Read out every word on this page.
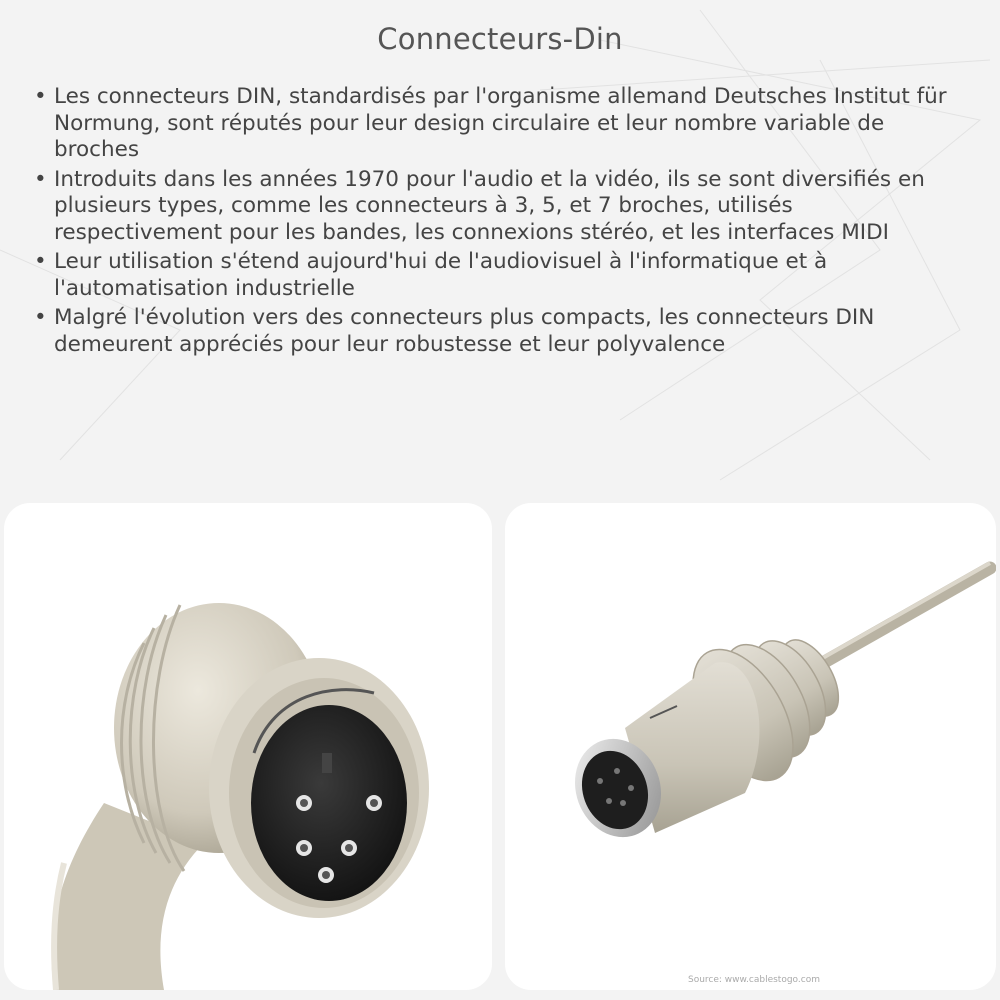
Connecteurs-Din
• Les connecteurs DIN, standardisés par l'organisme allemand Deutsches Institut für Normung, sont réputés pour leur design circulaire et leur nombre variable de broches
• Introduits dans les années 1970 pour l'audio et la vidéo, ils se sont diversifiés en plusieurs types, comme les connecteurs à 3, 5, et 7 broches, utilisés respectivement pour les bandes, les connexions stéréo, et les interfaces MIDI
• Leur utilisation s'étend aujourd'hui de l'audiovisuel à l'informatique et à l'automatisation industrielle
• Malgré l'évolution vers des connecteurs plus compacts, les connecteurs DIN demeurent appréciés pour leur robustesse et leur polyvalence
Source: www.cablestogo.com
